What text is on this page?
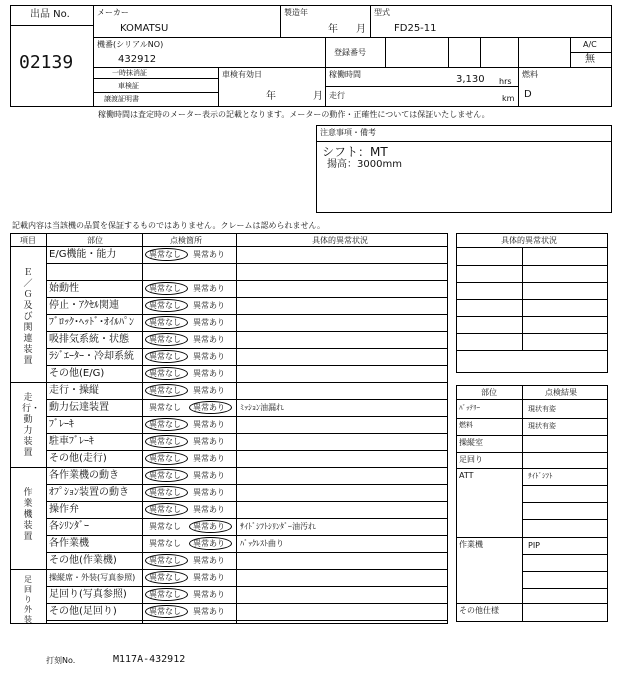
出品 No.
02139
メーカー
KOMATSU
製造年
年 月
型式
FD25-11
機番(シリアルNO)
432912
登録番号
A/C
無
一時抹消証
車検証
譲渡証明書
車検有効日
年	月
稼働時間	3,130 hrs
走行	km
燃料
D
稼働時間は査定時のメーター表示の記載となります。メーターの動作・正確性については保証いたしません。
注意事項・備考
シフト：MT
揚高：3000mm
記載内容は当該機の品質を保証するものではありません。クレームは認められません。
項目	部位	点検箇所	具体的異常状況
Ｅ／Ｇ及び関連装置
走行・動力装置
作業機装置
足回り外装
E/G機能・能力	異常なし 異常あり
始動性	異常なし 異常あり
停止・ｱｸｾﾙ関連	異常なし 異常あり
ﾌﾞﾛｯｸ･ﾍｯﾄﾞ･ｵｲﾙﾊﾟﾝ 異常なし 異常あり
吸排気系統・状態	異常なし 異常あり
ﾗｼﾞｴｰﾀｰ・冷却系統 異常なし 異常あり
その他(E/G)	異常なし 異常あり
走行・操縦	異常なし 異常あり
動力伝達装置	異常なし 異常あり ﾐｯｼｮﾝ油漏れ
ﾌﾞﾚｰｷ	異常なし 異常あり
駐車ﾌﾞﾚｰｷ	異常なし 異常あり
その他(走行)	異常なし 異常あり
各作業機の動き	異常なし 異常あり
ｵﾌﾟｼｮﾝ装置の動き	異常なし 異常あり
操作弁	異常なし 異常あり
各ｼﾘﾝﾀﾞｰ	異常なし 異常あり ｻｲﾄﾞｼﾌﾄｼﾘﾝﾀﾞｰ油汚れ
各作業機	異常なし 異常あり ﾊﾞｯｸﾚｽﾄ曲り
その他(作業機)	異常なし 異常あり
操縦席・外装(写真参照) 異常なし 異常あり
足回り(写真参照)	異常なし 異常あり
その他(足回り)	異常なし 異常あり
具体的異常状況
部位	点検結果
ﾊﾞｯﾃﾘｰ	現状有姿
燃料	現状有姿
操縦室
足回り
ATT	ｻｲﾄﾞｼﾌﾄ
作業機	PIP
その他仕様
打刻No.	M117A-432912
